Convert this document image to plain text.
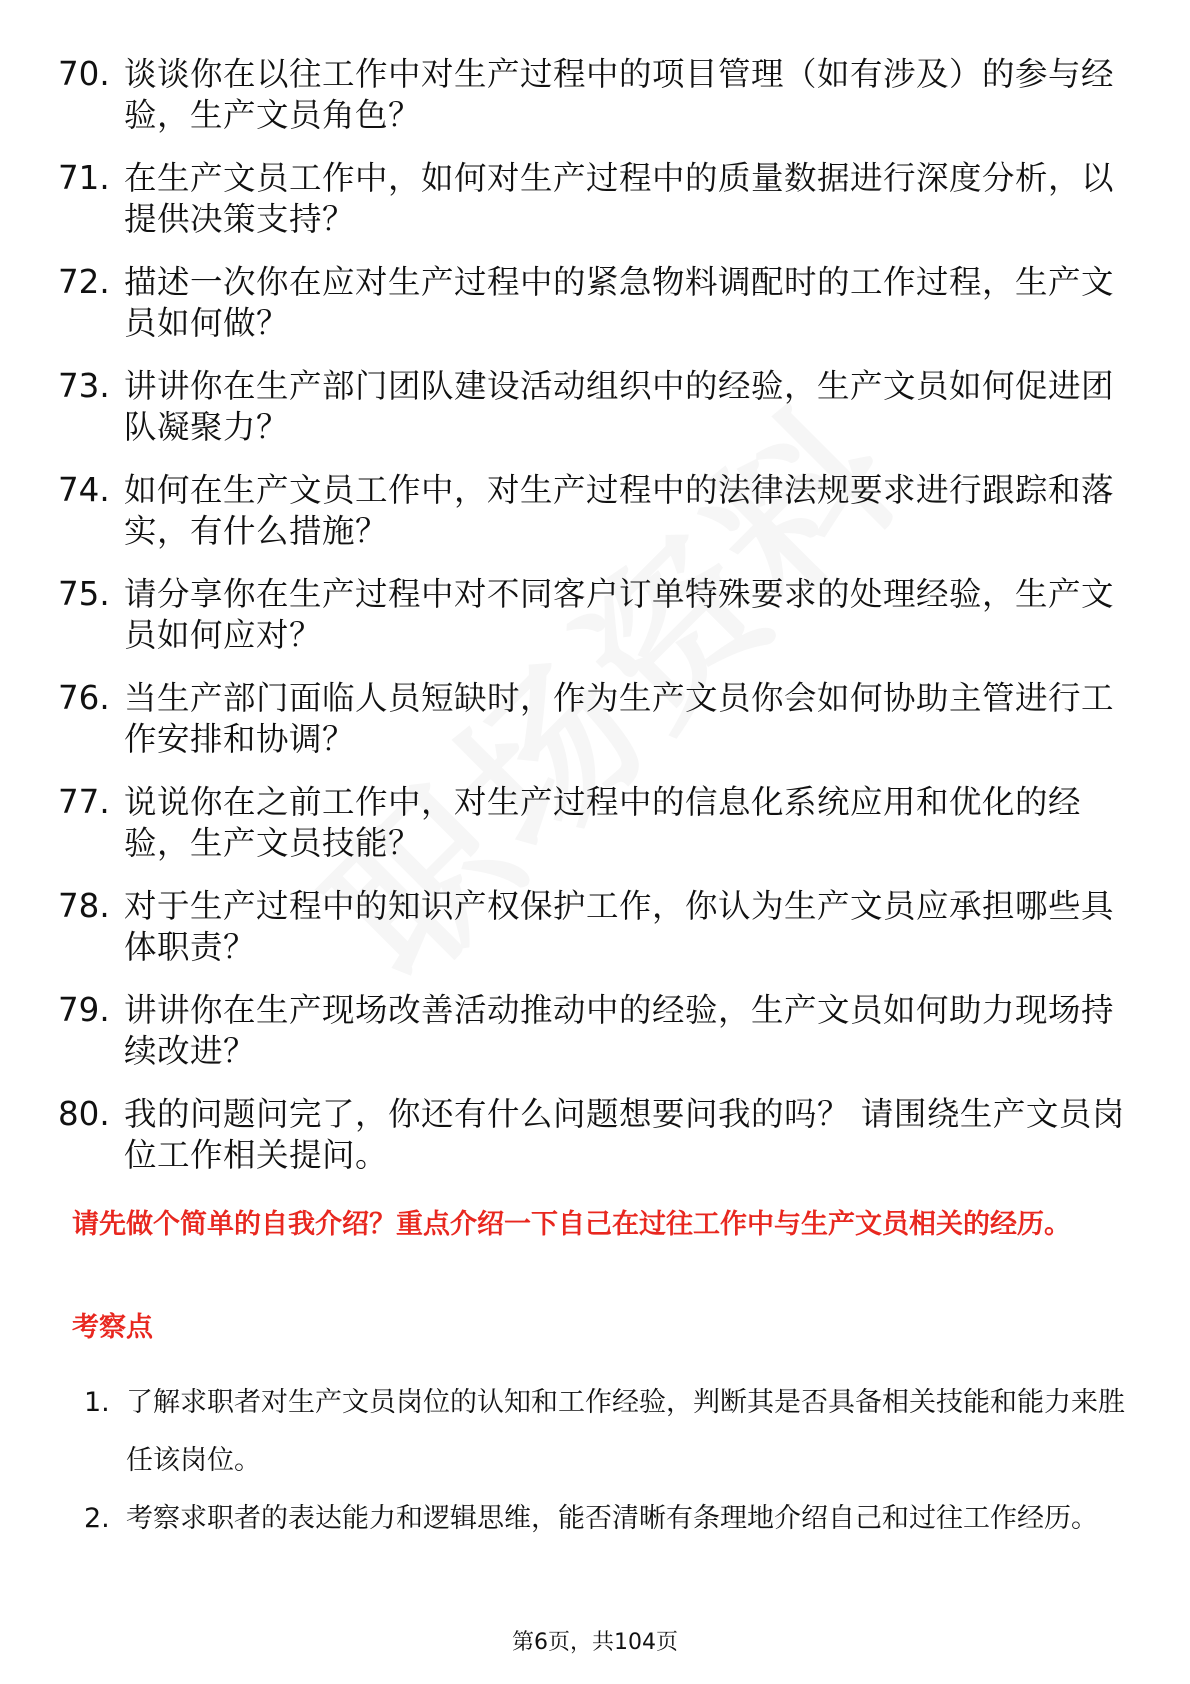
70. 谈谈你在以往工作中对生产过程中的项目管理（如有涉及）的参与经验，生产文员角色？
71. 在生产文员工作中，如何对生产过程中的质量数据进行深度分析，以提供决策支持？
72. 描述一次你在应对生产过程中的紧急物料调配时的工作过程，生产文员如何做？
73. 讲讲你在生产部门团队建设活动组织中的经验，生产文员如何促进团队凝聚力？
74. 如何在生产文员工作中，对生产过程中的法律法规要求进行跟踪和落实，有什么措施？
75. 请分享你在生产过程中对不同客户订单特殊要求的处理经验，生产文员如何应对？
76. 当生产部门面临人员短缺时，作为生产文员你会如何协助主管进行工作安排和协调？
77. 说说你在之前工作中，对生产过程中的信息化系统应用和优化的经验，生产文员技能？
78. 对于生产过程中的知识产权保护工作，你认为生产文员应承担哪些具体职责？
79. 讲讲你在生产现场改善活动推动中的经验，生产文员如何助力现场持续改进？
80. 我的问题问完了，你还有什么问题想要问我的吗？ 请围绕生产文员岗位工作相关提问。

请先做个简单的自我介绍？重点介绍一下自己在过往工作中与生产文员相关的经历。

考察点

1. 了解求职者对生产文员岗位的认知和工作经验，判断其是否具备相关技能和能力来胜任该岗位。
2. 考察求职者的表达能力和逻辑思维，能否清晰有条理地介绍自己和过往工作经历。
第6页，共104页
